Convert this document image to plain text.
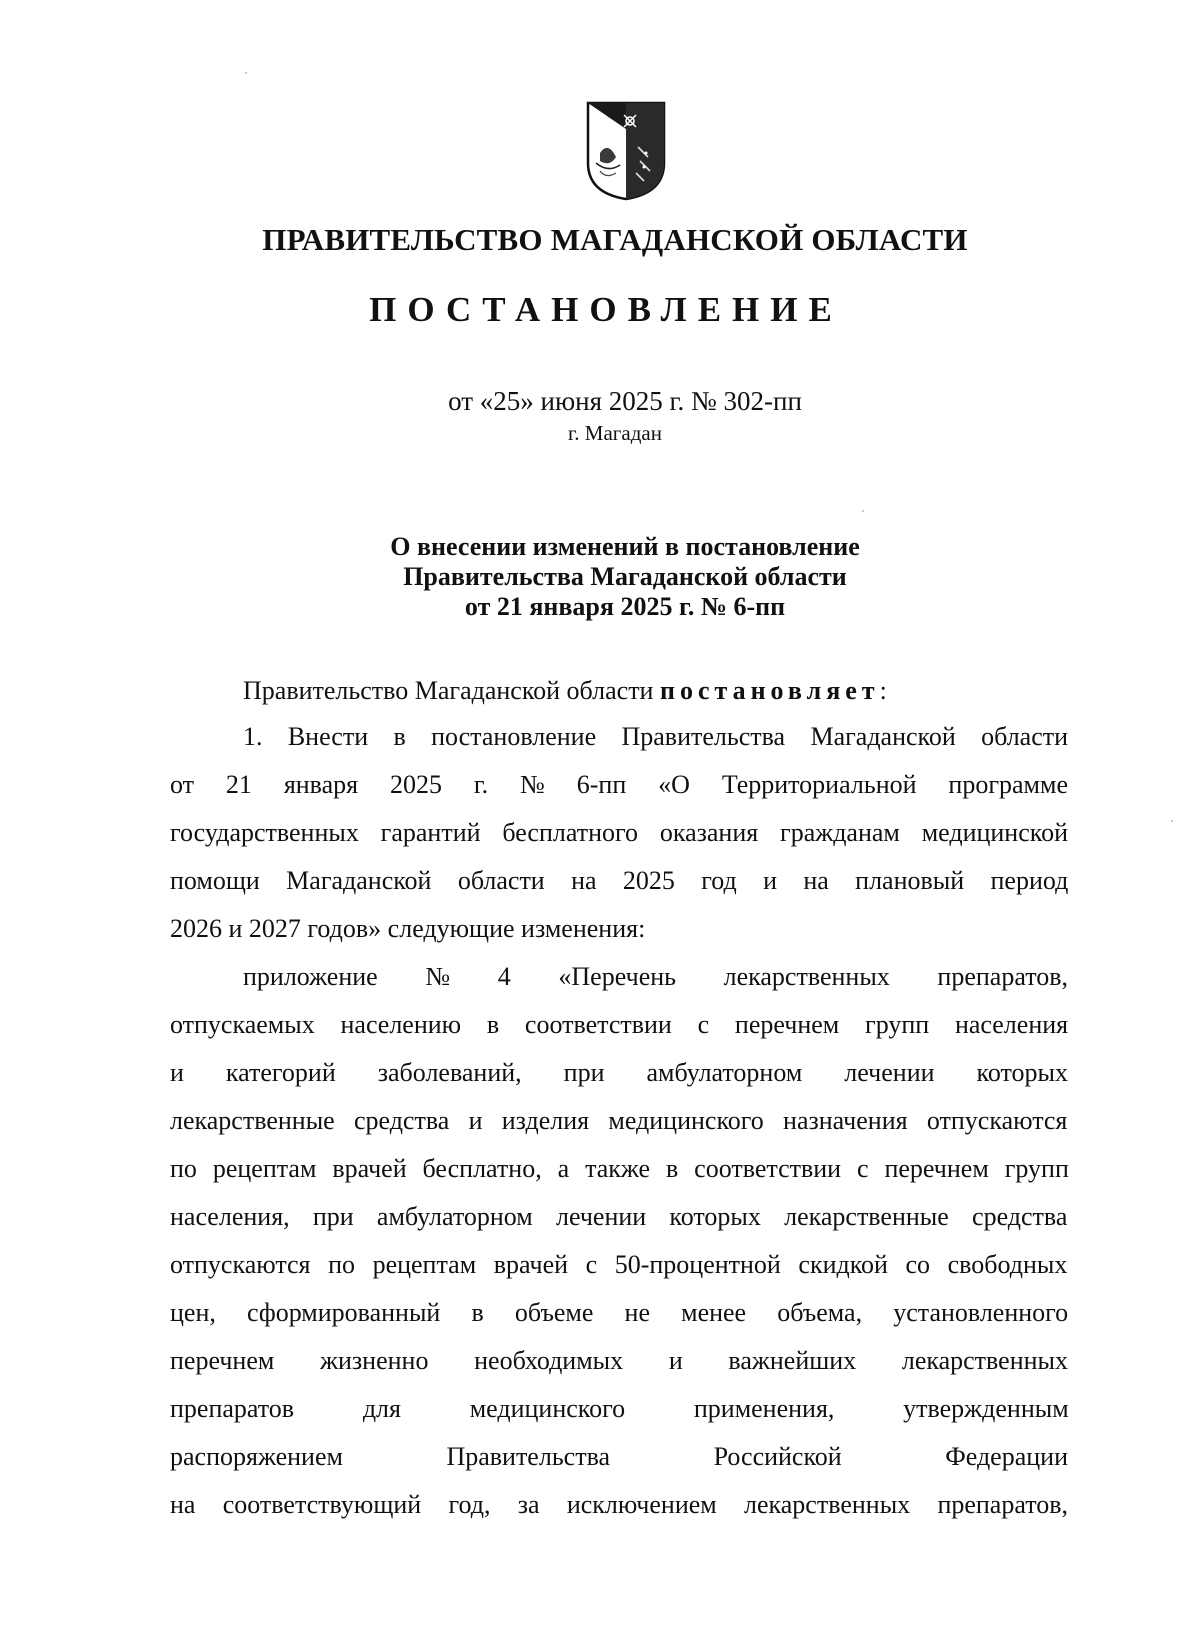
ПРАВИТЕЛЬСТВО МАГАДАНСКОЙ ОБЛАСТИ
ПОСТАНОВЛЕНИЕ
от «25» июня 2025 г. № 302-пп
г. Магадан
О внесении изменений в постановление
Правительства Магаданской области
от 21 января 2025 г. № 6-пп
Правительство Магаданской области постановляет:
1. Внести в постановление Правительства Магаданской области
от 21 января 2025 г. № 6-пп «О Территориальной программе
государственных гарантий бесплатного оказания гражданам медицинской
помощи Магаданской области на 2025 год и на плановый период
2026 и 2027 годов» следующие изменения:
приложение № 4 «Перечень лекарственных препаратов,
отпускаемых населению в соответствии с перечнем групп населения
и категорий заболеваний, при амбулаторном лечении которых
лекарственные средства и изделия медицинского назначения отпускаются
по рецептам врачей бесплатно, а также в соответствии с перечнем групп
населения, при амбулаторном лечении которых лекарственные средства
отпускаются по рецептам врачей с 50-процентной скидкой со свободных
цен, сформированный в объеме не менее объема, установленного
перечнем жизненно необходимых и важнейших лекарственных
препаратов	для	медицинского	применения,	утвержденным
распоряжением	Правительства	Российской	Федерации
на соответствующий год, за исключением лекарственных препаратов,
